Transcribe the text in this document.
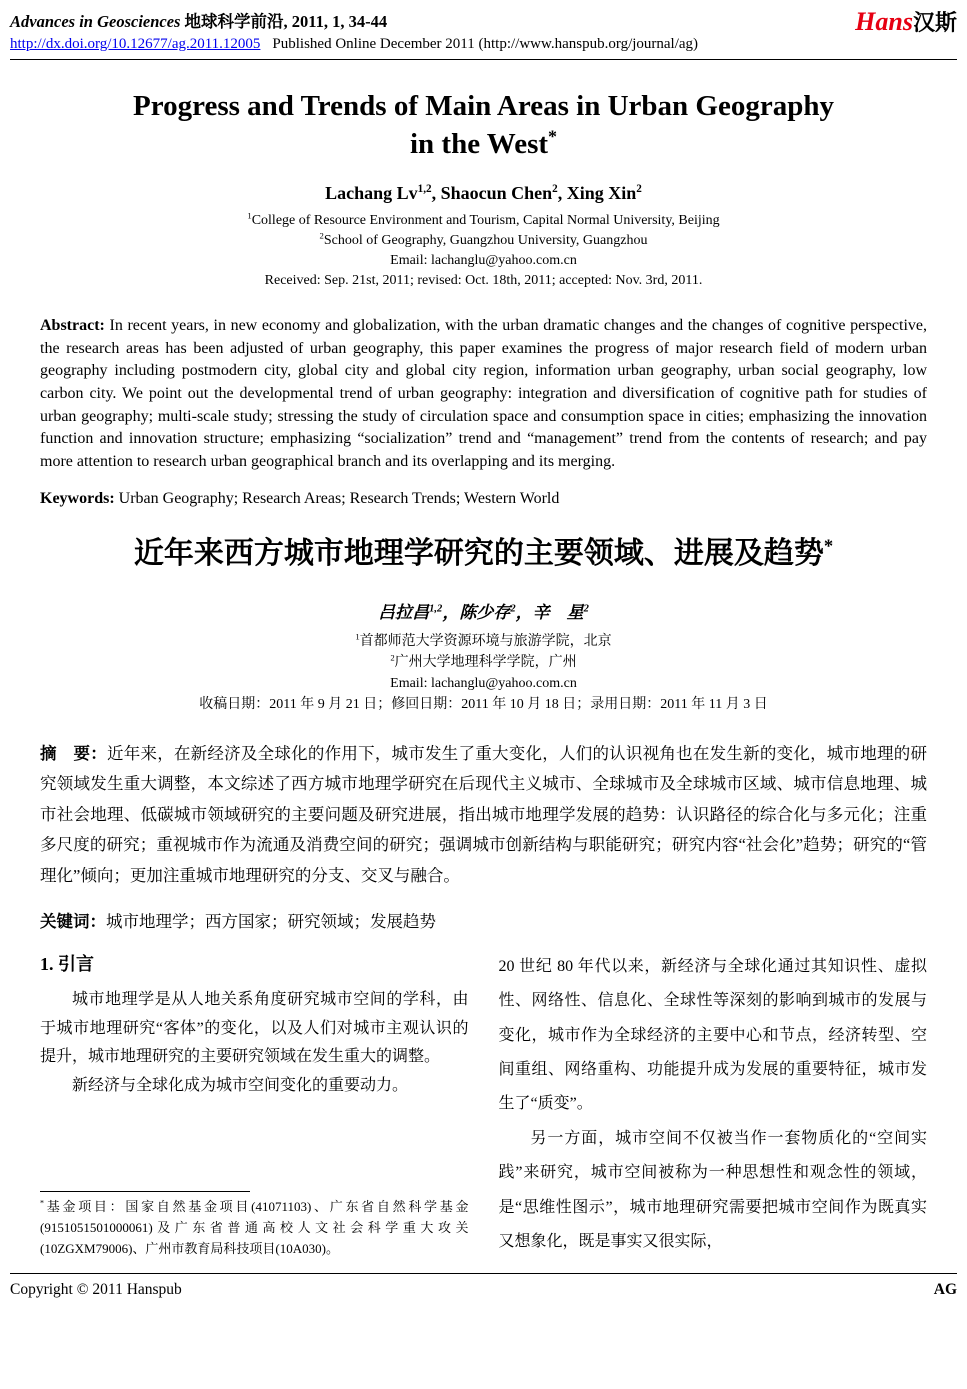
Advances in Geosciences 地球科学前沿, 2011, 1, 34-44
http://dx.doi.org/10.12677/ag.2011.12005 Published Online December 2011 (http://www.hanspub.org/journal/ag)
Hans汉斯
Progress and Trends of Main Areas in Urban Geography
in the West*
Lachang Lv$^{1,2}$, Shaocun Chen$^2$, Xing Xin$^2$
$^1$College of Resource Environment and Tourism, Capital Normal University, Beijing
$^2$School of Geography, Guangzhou University, Guangzhou
Email: lachanglu@yahoo.com.cn
Received: Sep. 21st, 2011; revised: Oct. 18th, 2011; accepted: Nov. 3rd, 2011.

Abstract: In recent years, in new economy and globalization, with the urban dramatic changes and the changes of cognitive perspective, the research areas has been adjusted of urban geography, this paper examines the progress of major research field of modern urban geography including postmodern city, global city and global city region, information urban geography, urban social geography, low carbon city. We point out the developmental trend of urban geography: integration and diversification of cognitive path for studies of urban geography; multi-scale study; stressing the study of circulation space and consumption space in cities; emphasizing the innovation function and innovation structure; emphasizing “socialization” trend and “management” trend from the contents of research; and pay more attention to research urban geographical branch and its overlapping and its merging.

Keywords: Urban Geography; Research Areas; Research Trends; Western World

近年来西方城市地理学研究的主要领域、进展及趋势*
吕拉昌$^{1,2}$，陈少存$^2$，辛　星$^2$
$^1$首都师范大学资源环境与旅游学院，北京
$^2$广州大学地理科学学院，广州
Email: lachanglu@yahoo.com.cn
收稿日期：2011 年 9 月 21 日；修回日期：2011 年 10 月 18 日；录用日期：2011 年 11 月 3 日

摘　要：近年来，在新经济及全球化的作用下，城市发生了重大变化，人们的认识视角也在发生新的变化，城市地理的研究领域发生重大调整，本文综述了西方城市地理学研究在后现代主义城市、全球城市及全球城市区域、城市信息地理、城市社会地理、低碳城市领域研究的主要问题及研究进展，指出城市地理学发展的趋势：认识路径的综合化与多元化；注重多尺度的研究；重视城市作为流通及消费空间的研究；强调城市创新结构与职能研究；研究内容“社会化”趋势；研究的“管理化”倾向；更加注重城市地理研究的分支、交叉与融合。

关键词：城市地理学；西方国家；研究领域；发展趋势

1. 引言

城市地理学是从人地关系角度研究城市空间的学科，由于城市地理研究“客体”的变化，以及人们对城市主观认识的提升，城市地理研究的主要研究领域在发生重大的调整。

新经济与全球化成为城市空间变化的重要动力。

*基金项目：国家自然基金项目(41071103)、广东省自然科学基金(9151051501000061)及广东省普通高校人文社会科学重大攻关(10ZGXM79006)、广州市教育局科技项目(10A030)。

20 世纪 80 年代以来，新经济与全球化通过其知识性、虚拟性、网络性、信息化、全球性等深刻的影响到城市的发展与变化，城市作为全球经济的主要中心和节点，经济转型、空间重组、网络重构、功能提升成为发展的重要特征，城市发生了“质变”。

另一方面，城市空间不仅被当作一套物质化的“空间实践”来研究，城市空间被称为一种思想性和观念性的领域，是“思维性图示”，城市地理研究需要把城市空间作为既真实又想象化，既是事实又很实际，

Copyright © 2011 Hanspub	AG
